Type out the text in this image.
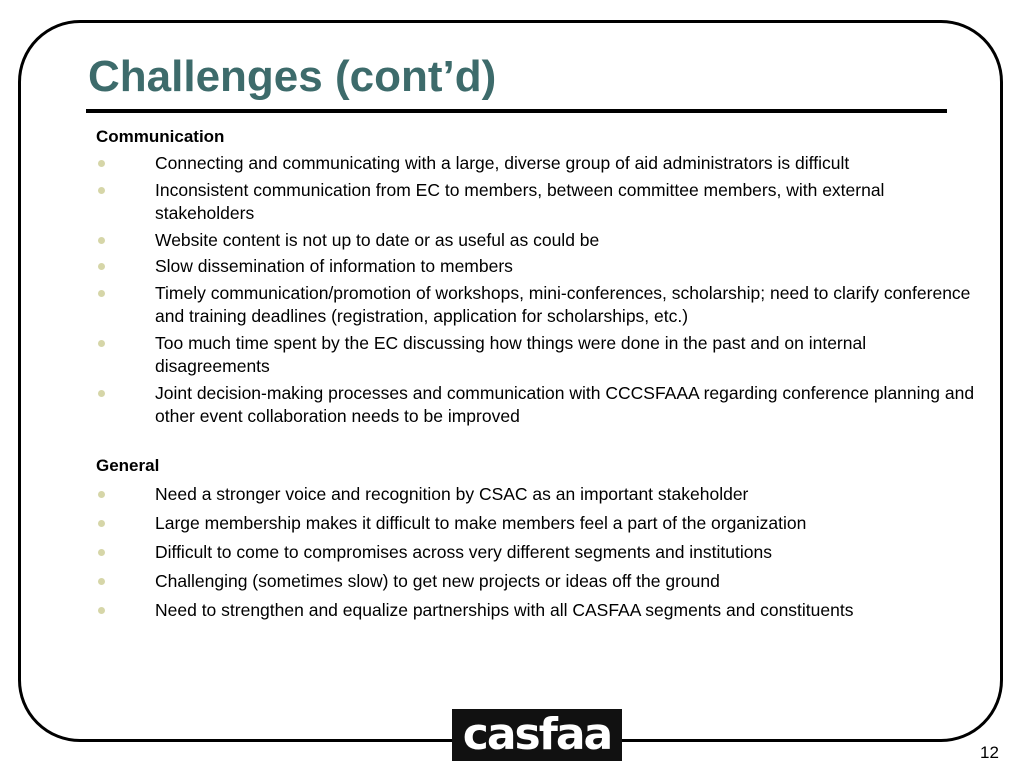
Challenges (cont’d)

Communication

Connecting and communicating with a large, diverse group of aid administrators is difficult
Inconsistent communication from EC to members, between committee members, with external stakeholders
Website content is not up to date or as useful as could be
Slow dissemination of information to members
Timely communication/promotion of workshops, mini-conferences, scholarship; need to clarify conference and training deadlines (registration, application for scholarships, etc.)
Too much time spent by the EC discussing how things were done in the past and on internal disagreements
Joint decision-making processes and communication with CCCSFAAA regarding conference planning and other event collaboration needs to be improved

General

Need a stronger voice and recognition by CSAC as an important stakeholder
Large membership makes it difficult to make members feel a part of the organization
Difficult to come to compromises across very different segments and institutions
Challenging (sometimes slow) to get new projects or ideas off the ground
Need to strengthen and equalize partnerships with all CASFAA segments and constituents
casfaa	12
